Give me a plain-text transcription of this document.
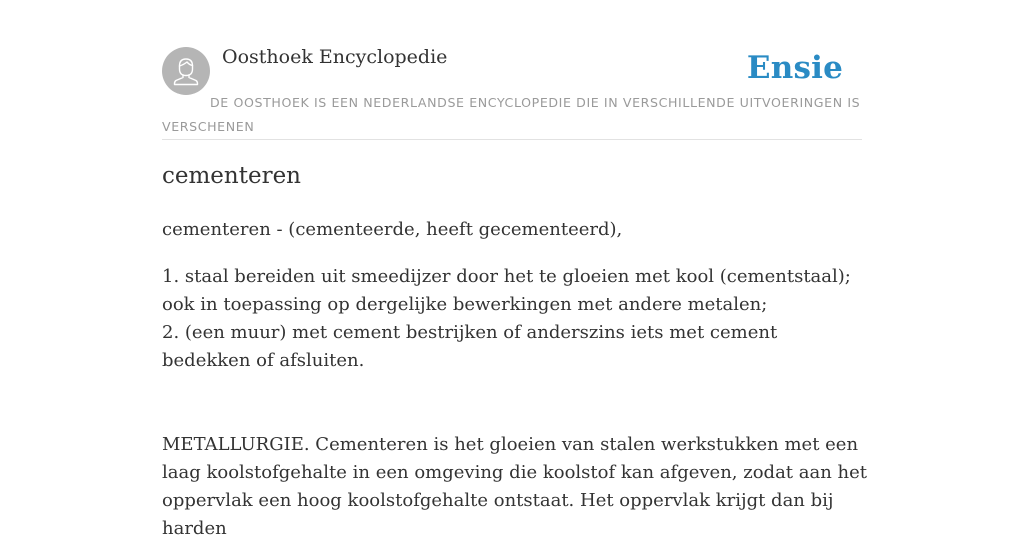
Oosthoek Encyclopedie	Ensie
DE OOSTHOEK IS EEN NEDERLANDSE ENCYCLOPEDIE DIE IN VERSCHILLENDE UITVOERINGEN IS VERSCHENEN
cementeren

cementeren - (cementeerde, heeft gecementeerd),

1. staal bereiden uit smeedijzer door het te gloeien met kool (cementstaal); ook in toepassing op dergelijke bewerkingen met andere metalen;
2. (een muur) met cement bestrijken of anderszins iets met cement bedekken of afsluiten.

METALLURGIE. Cementeren is het gloeien van stalen werkstukken met een laag koolstofgehalte in een omgeving die koolstof kan afgeven, zodat aan het oppervlak een hoog koolstofgehalte ontstaat. Het oppervlak krijgt dan bij harden
